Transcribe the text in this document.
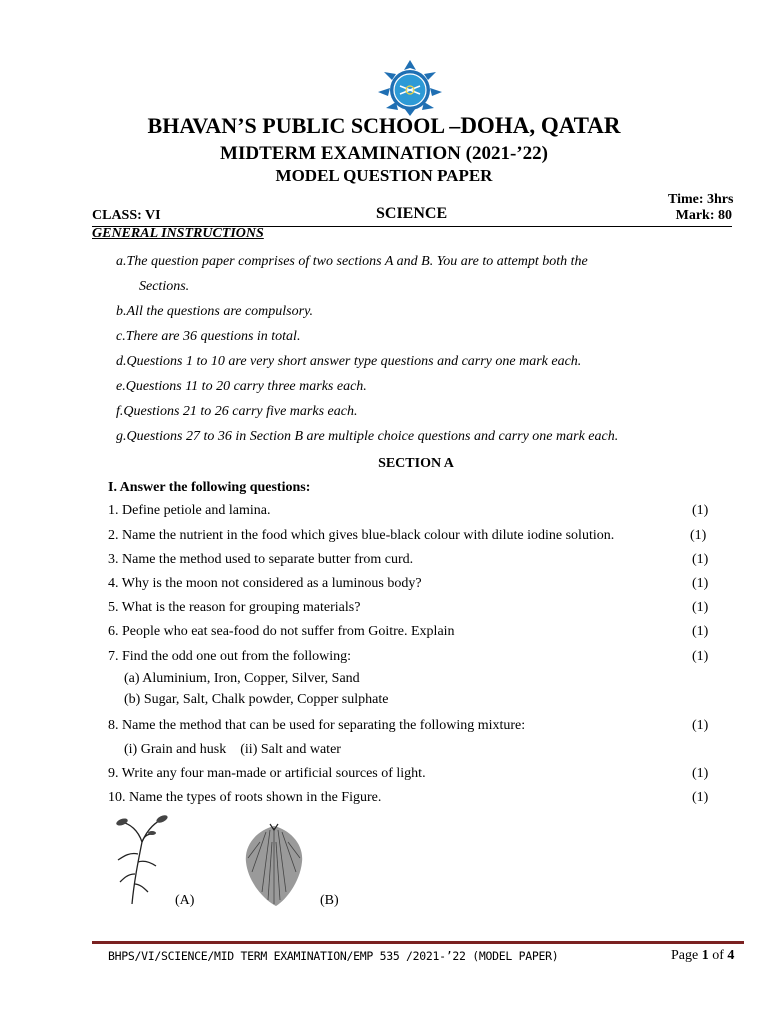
BHAVAN’S PUBLIC SCHOOL –DOHA, QATAR
MIDTERM EXAMINATION (2021-’22)
MODEL QUESTION PAPER
Time: 3hrs
CLASS: VI	SCIENCE	Mark: 80
GENERAL INSTRUCTIONS
a.The question paper comprises of two sections A and B. You are to attempt both the
Sections.
b.All the questions are compulsory.
c.There are 36 questions in total.
d.Questions 1 to 10 are very short answer type questions and carry one mark each.
e.Questions 11 to 20 carry three marks each.
f.Questions 21 to 26 carry five marks each.
g.Questions 27 to 36 in Section B are multiple choice questions and carry one mark each.
SECTION A
I. Answer the following questions:
1. Define petiole and lamina.	(1)
2. Name the nutrient in the food which gives blue-black colour with dilute iodine solution.	(1)
3. Name the method used to separate butter from curd.	(1)
4. Why is the moon not considered as a luminous body?	(1)
5. What is the reason for grouping materials?	(1)
6. People who eat sea-food do not suffer from Goitre. Explain	(1)
7. Find the odd one out from the following:	(1)
(a) Aluminium, Iron, Copper, Silver, Sand
(b) Sugar, Salt, Chalk powder, Copper sulphate
8. Name the method that can be used for separating the following mixture:	(1)
(i) Grain and husk    (ii) Salt and water
9. Write any four man-made or artificial sources of light.	(1)
10. Name the types of roots shown in the Figure.	(1)
(A)	(B)
BHPS/VI/SCIENCE/MID TERM EXAMINATION/EMP 535 /2021-’22 (MODEL PAPER)	Page 1 of 4
